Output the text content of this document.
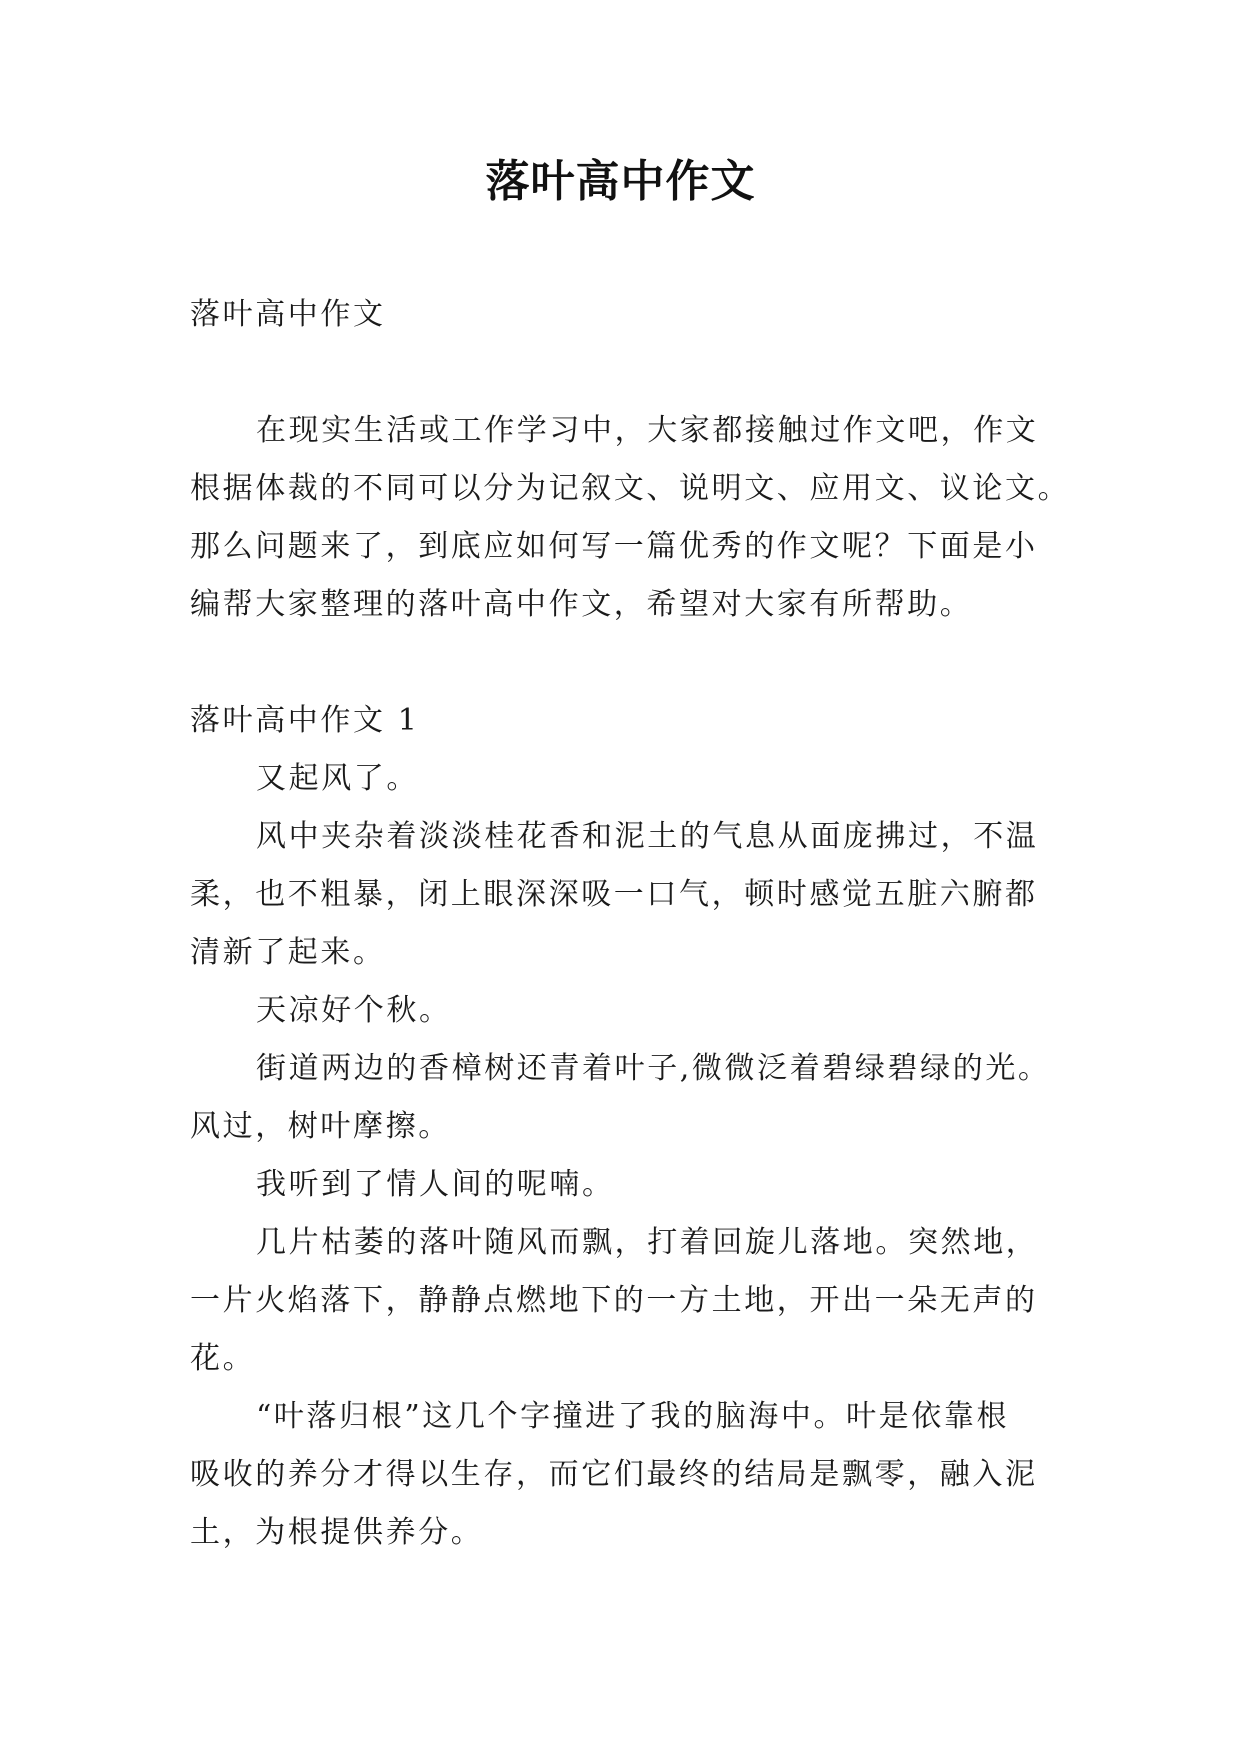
落叶高中作文
落叶高中作文
在现实生活或工作学习中，大家都接触过作文吧，作文
根据体裁的不同可以分为记叙文、说明文、应用文、议论文。
那么问题来了，到底应如何写一篇优秀的作文呢？下面是小
编帮大家整理的落叶高中作文，希望对大家有所帮助。
落叶高中作文 1
又起风了。
风中夹杂着淡淡桂花香和泥土的气息从面庞拂过，不温
柔，也不粗暴，闭上眼深深吸一口气，顿时感觉五脏六腑都
清新了起来。
天凉好个秋。
街道两边的香樟树还青着叶子,微微泛着碧绿碧绿的光。
风过，树叶摩擦。
我听到了情人间的呢喃。
几片枯萎的落叶随风而飘，打着回旋儿落地。突然地，
一片火焰落下，静静点燃地下的一方土地，开出一朵无声的
花。
“叶落归根”这几个字撞进了我的脑海中。叶是依靠根
吸收的养分才得以生存，而它们最终的结局是飘零，融入泥
土，为根提供养分。
